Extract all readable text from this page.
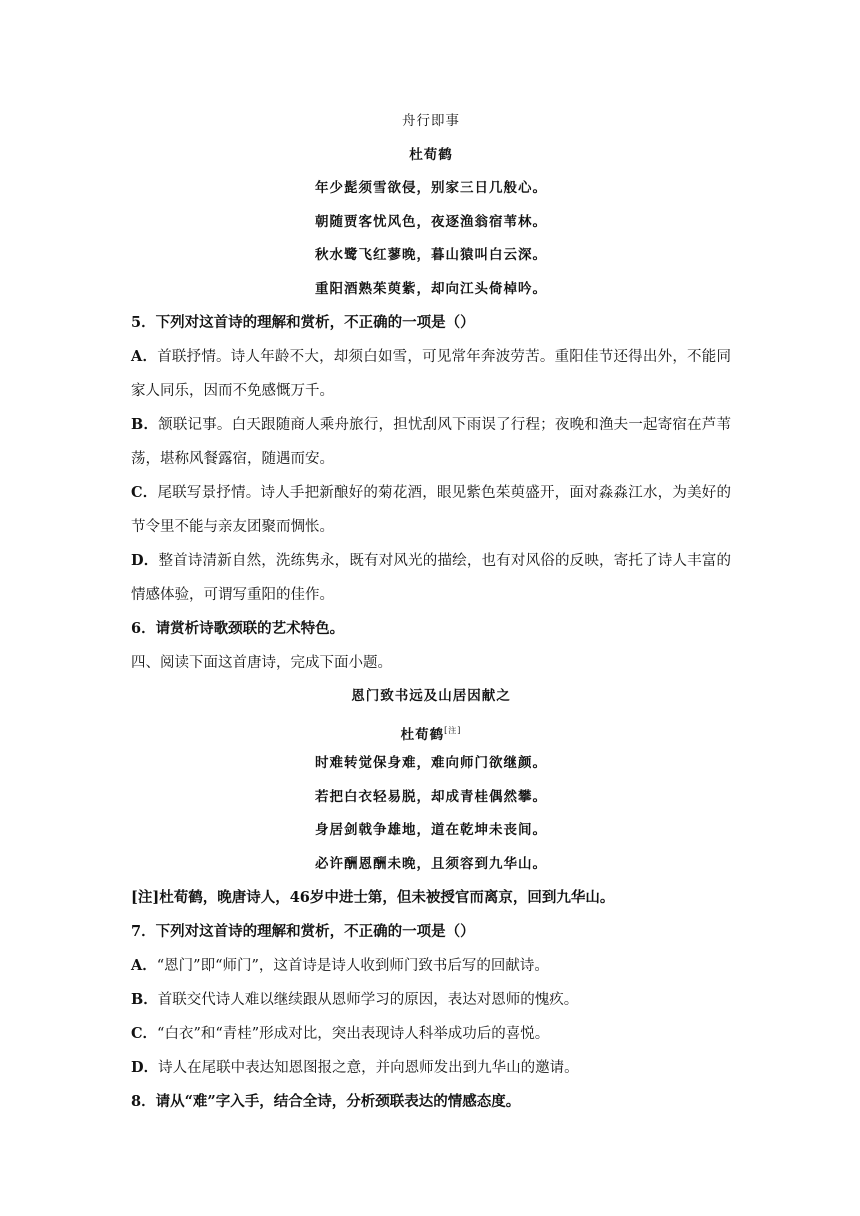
舟行即事
杜荀鹤
年少髭须雪欲侵，别家三日几般心。
朝随贾客忧风色，夜逐渔翁宿苇林。
秋水鹭飞红蓼晚，暮山猿叫白云深。
重阳酒熟茱萸紫，却向江头倚棹吟。

5．下列对这首诗的理解和赏析，不正确的一项是（）

A．首联抒情。诗人年龄不大，却须白如雪，可见常年奔波劳苦。重阳佳节还得出外，不能同家人同乐，因而不免感慨万千。

B．颔联记事。白天跟随商人乘舟旅行，担忧刮风下雨误了行程；夜晚和渔夫一起寄宿在芦苇荡，堪称风餐露宿，随遇而安。

C．尾联写景抒情。诗人手把新酿好的菊花酒，眼见紫色茱萸盛开，面对淼淼江水，为美好的节令里不能与亲友团聚而惆怅。

D．整首诗清新自然，洗练隽永，既有对风光的描绘，也有对风俗的反映，寄托了诗人丰富的情感体验，可谓写重阳的佳作。

6．请赏析诗歌颈联的艺术特色。

四、阅读下面这首唐诗，完成下面小题。

恩门致书远及山居因献之
杜荀鹤[注]
时难转觉保身难，难向师门欲继颜。
若把白衣轻易脱，却成青桂偶然攀。
身居剑戟争雄地，道在乾坤未丧间。
必许酬恩酬未晚，且须容到九华山。

[注]杜荀鹤，晚唐诗人，46岁中进士第，但未被授官而离京，回到九华山。

7．下列对这首诗的理解和赏析，不正确的一项是（）

A．“恩门”即“师门”，这首诗是诗人收到师门致书后写的回献诗。

B．首联交代诗人难以继续跟从恩师学习的原因，表达对恩师的愧疚。

C．“白衣”和“青桂”形成对比，突出表现诗人科举成功后的喜悦。

D．诗人在尾联中表达知恩图报之意，并向恩师发出到九华山的邀请。

8．请从“难”字入手，结合全诗，分析颈联表达的情感态度。
